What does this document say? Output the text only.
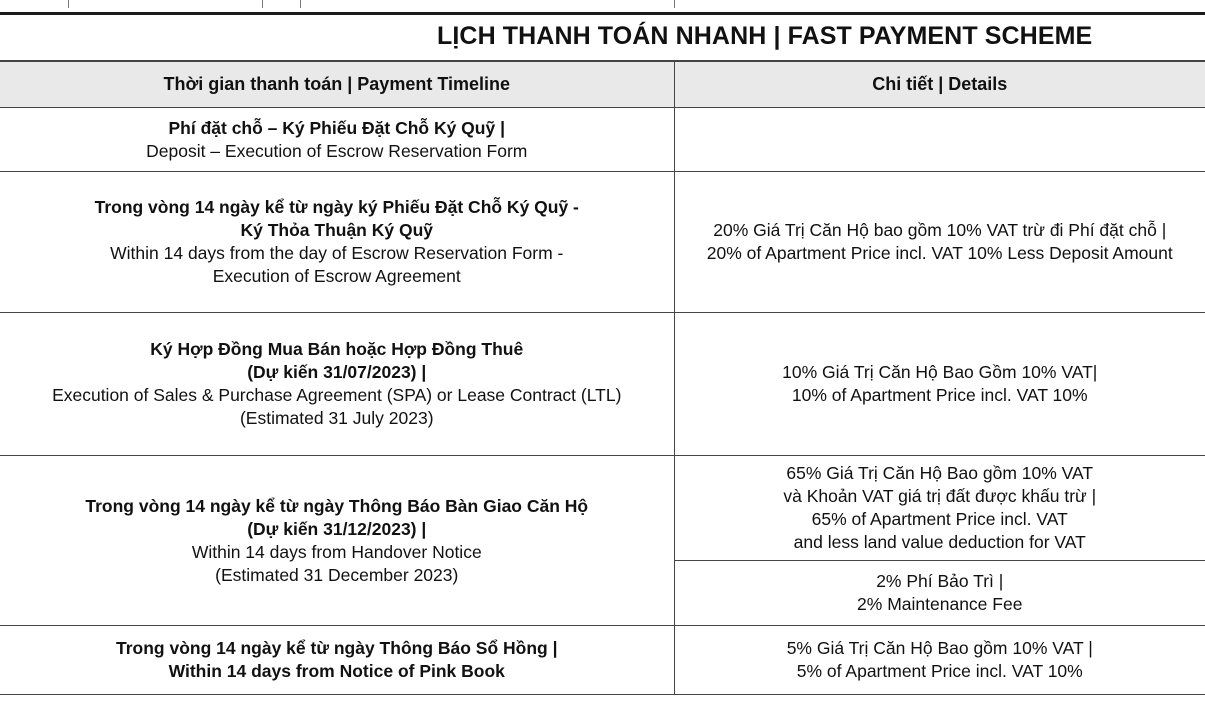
LỊCH THANH TOÁN NHANH | FAST PAYMENT SCHEME
Thời gian thanh toán | Payment Timeline	Chi tiết | Details

Phí đặt chỗ – Ký Phiếu Đặt Chỗ Ký Quỹ |
Deposit – Execution of Escrow Reservation Form	

Trong vòng 14 ngày kể từ ngày ký Phiếu Đặt Chỗ Ký Quỹ -
Ký Thỏa Thuận Ký Quỹ
Within 14 days from the day of Escrow Reservation Form -
Execution of Escrow Agreement	20% Giá Trị Căn Hộ bao gồm 10% VAT trừ đi Phí đặt chỗ |
20% of Apartment Price incl. VAT 10% Less Deposit Amount

Ký Hợp Đồng Mua Bán hoặc Hợp Đồng Thuê
(Dự kiến 31/07/2023) |
Execution of Sales & Purchase Agreement (SPA) or Lease Contract (LTL)
(Estimated 31 July 2023)	10% Giá Trị Căn Hộ Bao Gồm 10% VAT|
10% of Apartment Price incl. VAT 10%

Trong vòng 14 ngày kể từ ngày Thông Báo Bàn Giao Căn Hộ
(Dự kiến 31/12/2023) |
Within 14 days from Handover Notice
(Estimated 31 December 2023)	65% Giá Trị Căn Hộ Bao gồm 10% VAT
và Khoản VAT giá trị đất được khấu trừ |
65% of Apartment Price incl. VAT
and less land value deduction for VAT

	2% Phí Bảo Trì |
2% Maintenance Fee

Trong vòng 14 ngày kể từ ngày Thông Báo Sổ Hồng |
Within 14 days from Notice of Pink Book	5% Giá Trị Căn Hộ Bao gồm 10% VAT |
5% of Apartment Price incl. VAT 10%
